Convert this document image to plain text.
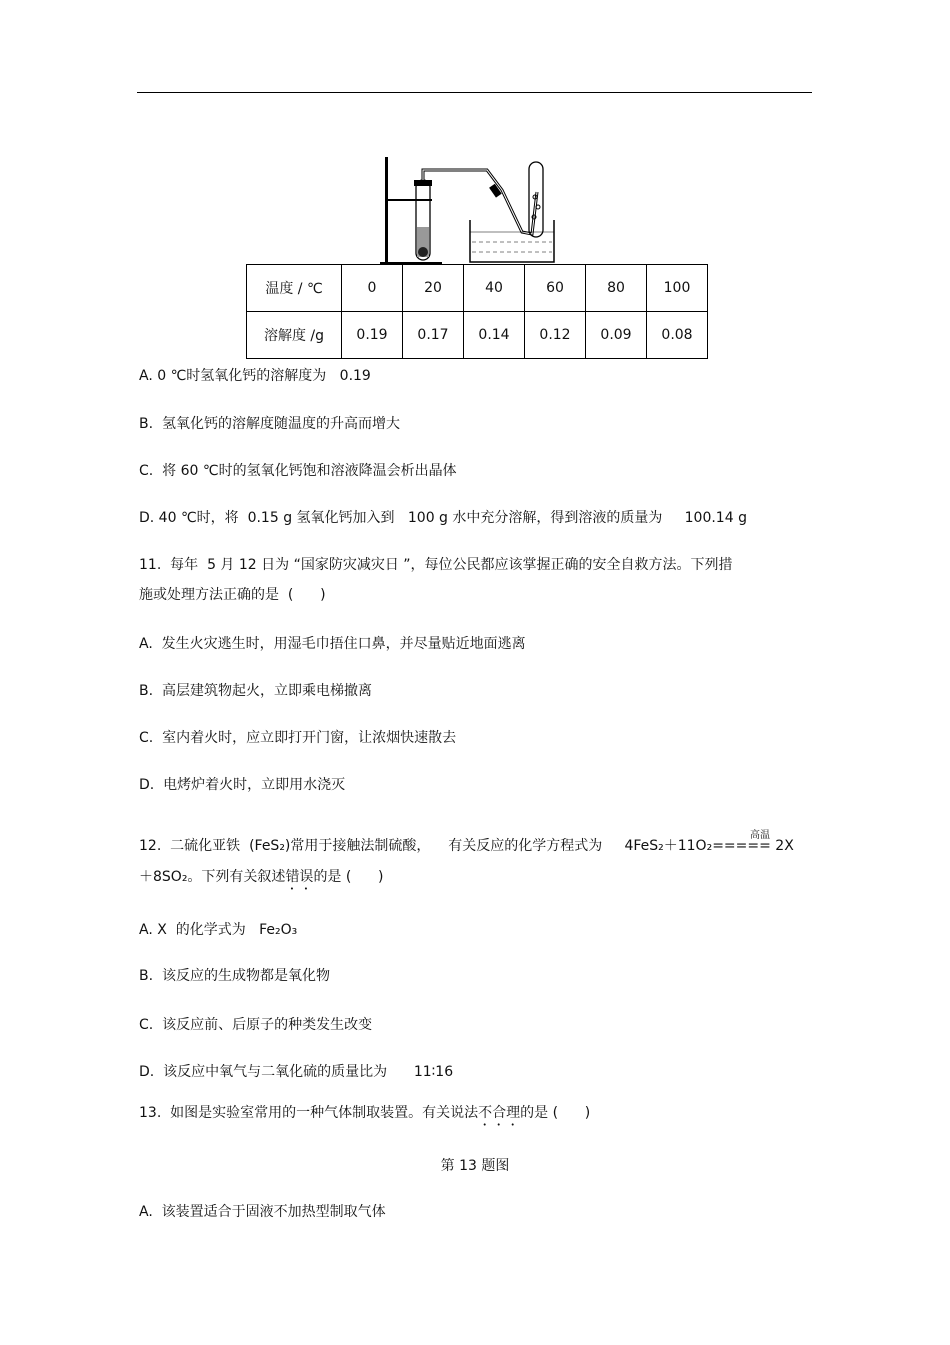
温度 / ℃	0	20	40	60	80	100
溶解度 /g	0.19	0.17	0.14	0.12	0.09	0.08
A. 0 ℃时氢氧化钙的溶解度为   0.19
B.  氢氧化钙的溶解度随温度的升高而增大
C.  将 60 ℃时的氢氧化钙饱和溶液降温会析出晶体
D. 40 ℃时，将  0.15 g 氢氧化钙加入到   100 g 水中充分溶解，得到溶液的质量为     100.14 g
11.  每年  5 月 12 日为 “国家防灾减灾日 ”，每位公民都应该掌握正确的安全自救方法。下列措
施或处理方法正确的是  (      )
A.  发生火灾逃生时，用湿毛巾捂住口鼻，并尽量贴近地面逃离
B.  高层建筑物起火，立即乘电梯撤离
C.  室内着火时，应立即打开门窗，让浓烟快速散去
D.  电烤炉着火时，立即用水浇灭
高温
12.  二硫化亚铁  (FeS₂)常用于接触法制硫酸，    有关反应的化学方程式为     4FeS₂＋11O₂===== 2X
＋8SO₂。下列有关叙述错误的是 (      )
A. X  的化学式为   Fe₂O₃
B.  该反应的生成物都是氧化物
C.  该反应前、后原子的种类发生改变
D.  该反应中氧气与二氧化硫的质量比为      11∶16
13.  如图是实验室常用的一种气体制取装置。有关说法不合理的是 (      )
第 13 题图
A.  该装置适合于固液不加热型制取气体
